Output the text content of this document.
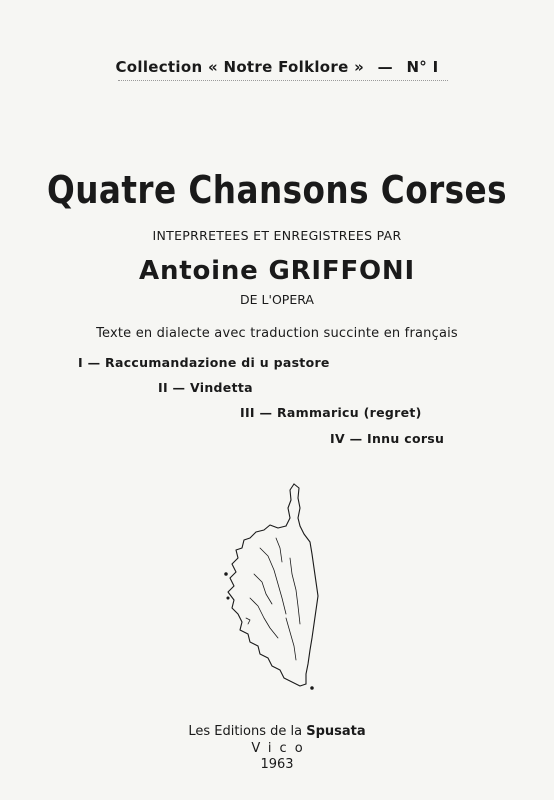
Collection « Notre Folklore » — N° I
Quatre Chansons Corses
INTEPRRETEES ET ENREGISTREES PAR
Antoine GRIFFONI
DE L'OPERA
Texte en dialecte avec traduction succinte en français
I — Raccumandazione di u pastore
II — Vindetta
III — Rammaricu (regret)
IV — Innu corsu
Les Editions de la Spusata
Vico
1963
